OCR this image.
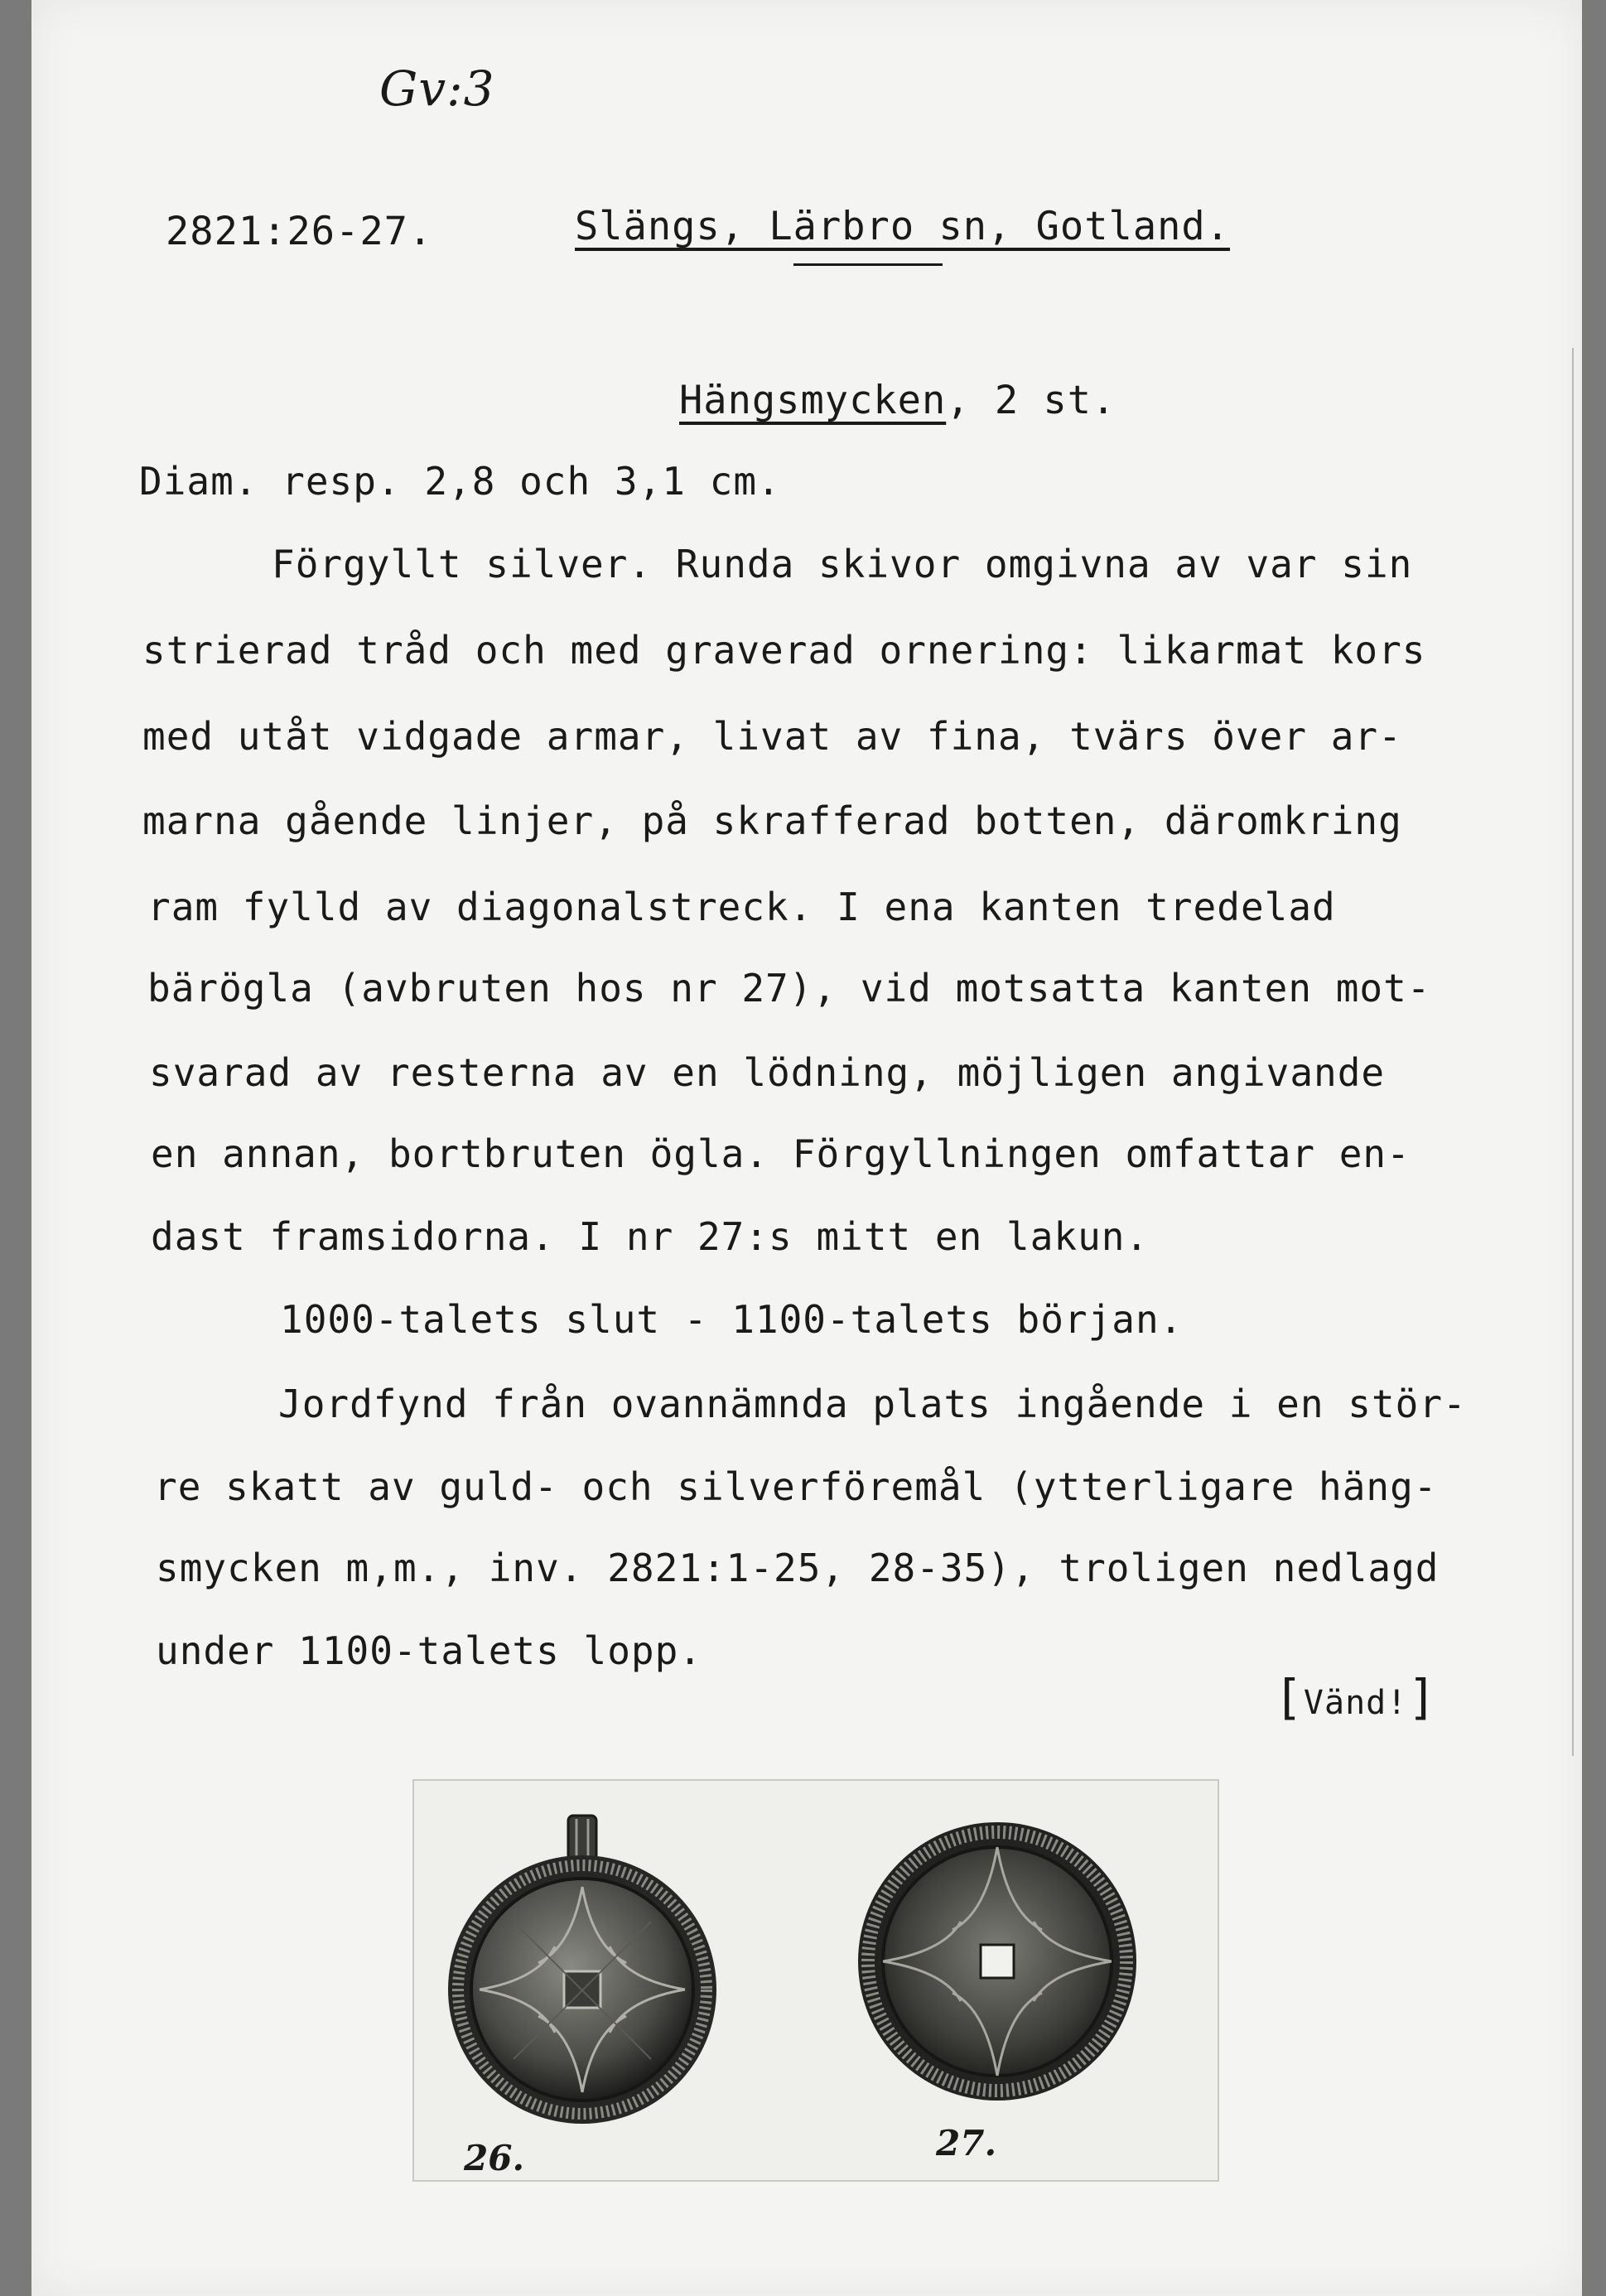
Gv:3
2821:26-27.	Slängs, Lärbro sn, Gotland.
Hängsmycken, 2 st.
Diam. resp. 2,8 och 3,1 cm.
Förgyllt silver. Runda skivor omgivna av var sin
strierad tråd och med graverad ornering: likarmat kors
med utåt vidgade armar, livat av fina, tvärs över ar-
marna gående linjer, på skrafferad botten, däromkring
ram fylld av diagonalstreck. I ena kanten tredelad
bärögla (avbruten hos nr 27), vid motsatta kanten mot-
svarad av resterna av en lödning, möjligen angivande
en annan, bortbruten ögla. Förgyllningen omfattar en-
dast framsidorna. I nr 27:s mitt en lakun.
1000-talets slut - 1100-talets början.
Jordfynd från ovannämnda plats ingående i en stör-
re skatt av guld- och silverföremål (ytterligare häng-
smycken m,m., inv. 2821:1-25, 28-35), troligen nedlagd
under 1100-talets lopp.
[Vänd!]
26.	27.
